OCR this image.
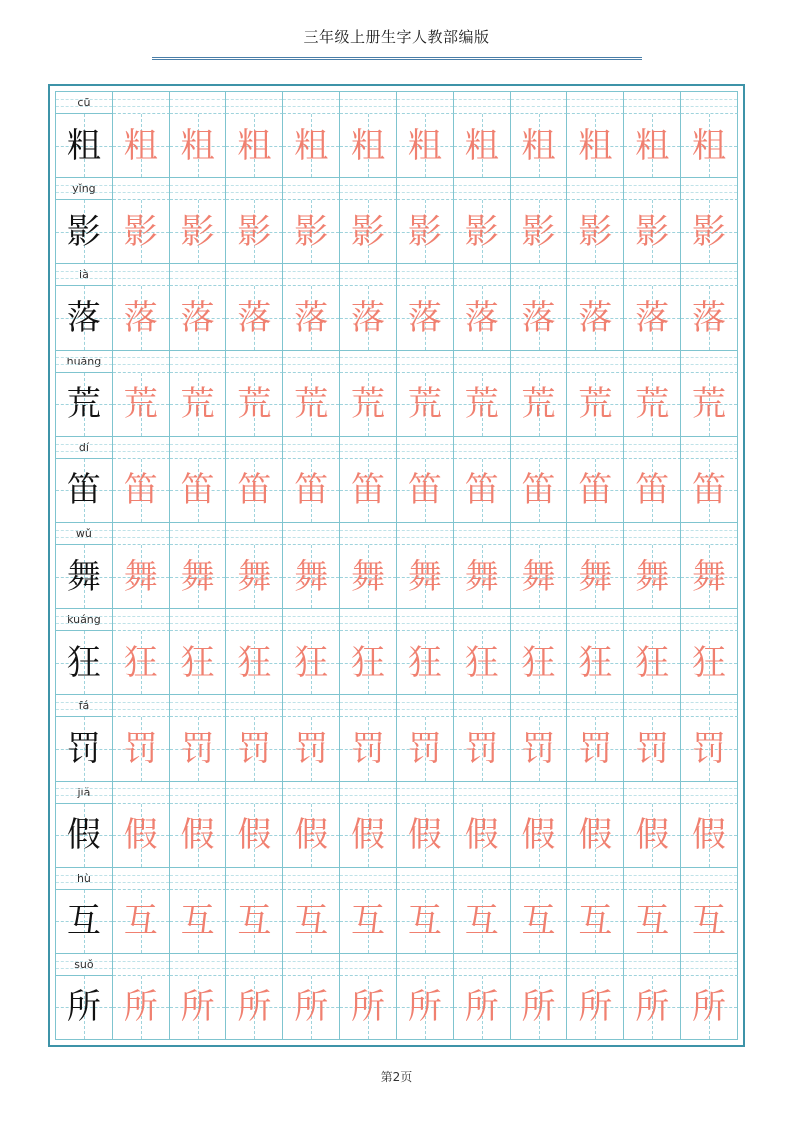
三年级上册生字人教部编版
cū
粗 粗 粗 粗 粗 粗 粗 粗 粗 粗 粗 粗
yǐng
影 影 影 影 影 影 影 影 影 影 影 影
là
落 落 落 落 落 落 落 落 落 落 落 落
huāng
荒 荒 荒 荒 荒 荒 荒 荒 荒 荒 荒 荒
dí
笛 笛 笛 笛 笛 笛 笛 笛 笛 笛 笛 笛
wǔ
舞 舞 舞 舞 舞 舞 舞 舞 舞 舞 舞 舞
kuáng
狂 狂 狂 狂 狂 狂 狂 狂 狂 狂 狂 狂
fá
罚 罚 罚 罚 罚 罚 罚 罚 罚 罚 罚 罚
jiǎ
假 假 假 假 假 假 假 假 假 假 假 假
hù
互 互 互 互 互 互 互 互 互 互 互 互
suǒ
所 所 所 所 所 所 所 所 所 所 所 所
第2页
